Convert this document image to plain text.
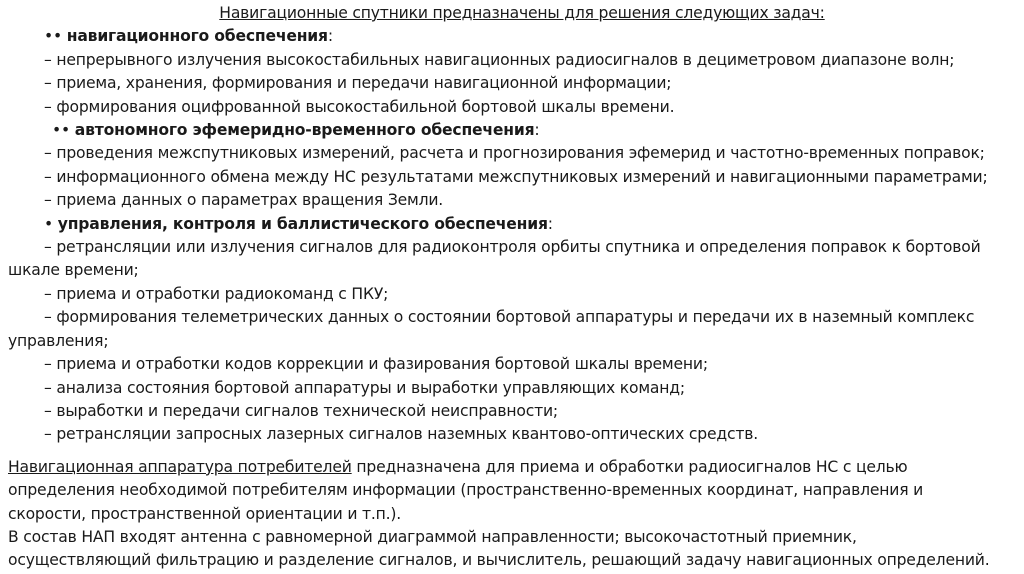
Навигационные спутники предназначены для решения следующих задач:
•• навигационного обеспечения:
– непрерывного излучения высокостабильных навигационных радиосигналов в дециметровом диапазоне волн;
– приема, хранения, формирования и передачи навигационной информации;
– формирования оцифрованной высокостабильной бортовой шкалы времени.
•• автономного эфемеридно-временного обеспечения:
– проведения межспутниковых измерений, расчета и прогнозирования эфемерид и частотно-временных поправок;
– информационного обмена между НС результатами межспутниковых измерений и навигационными параметрами;
– приема данных о параметрах вращения Земли.
• управления, контроля и баллистического обеспечения:
– ретрансляции или излучения сигналов для радиоконтроля орбиты спутника и определения поправок к бортовой
шкале времени;
– приема и отработки радиокоманд с ПКУ;
– формирования телеметрических данных о состоянии бортовой аппаратуры и передачи их в наземный комплекс
управления;
– приема и отработки кодов коррекции и фазирования бортовой шкалы времени;
– анализа состояния бортовой аппаратуры и выработки управляющих команд;
– выработки и передачи сигналов технической неисправности;
– ретрансляции запросных лазерных сигналов наземных квантово-оптических средств.
Навигационная аппаратура потребителей предназначена для приема и обработки радиосигналов НС с целью
определения необходимой потребителям информации (пространственно-временных координат, направления и
скорости, пространственной ориентации и т.п.).
В состав НАП входят антенна с равномерной диаграммой направленности; высокочастотный приемник,
осуществляющий фильтрацию и разделение сигналов, и вычислитель, решающий задачу навигационных определений.
